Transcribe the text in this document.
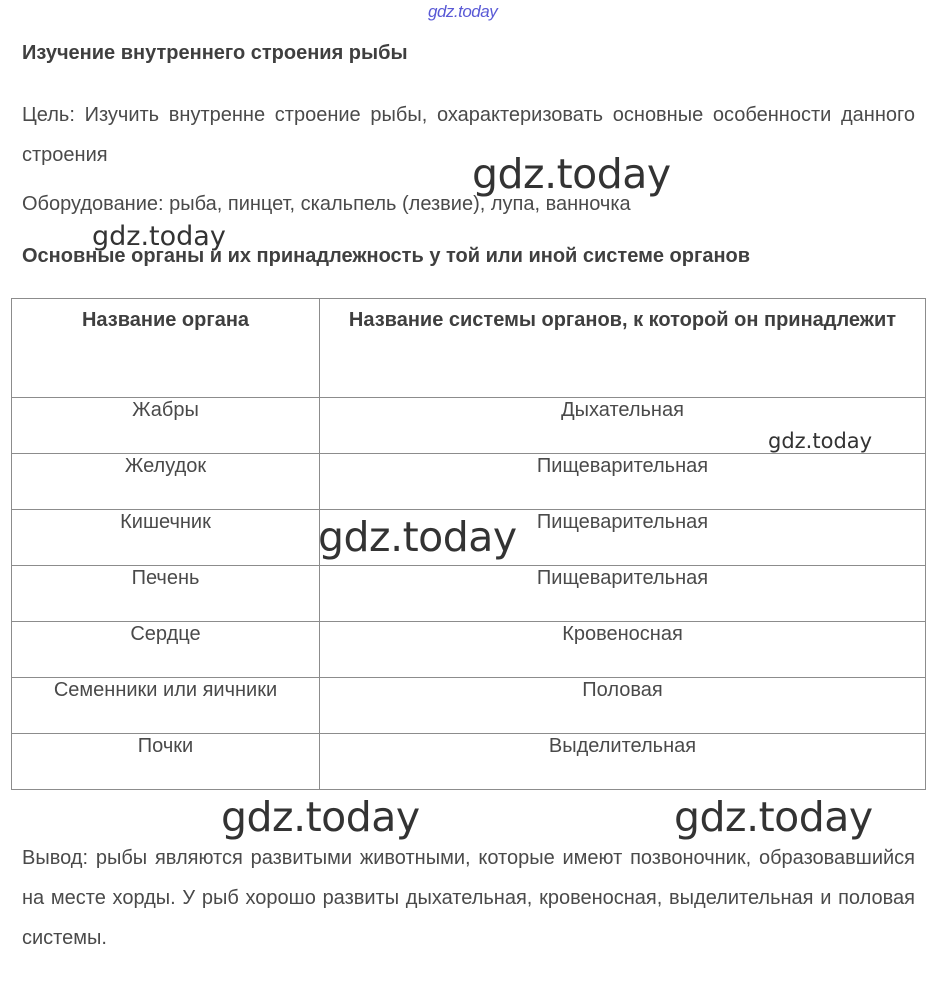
gdz.today
Изучение внутреннего строения рыбы

Цель: Изучить внутренне строение рыбы, охарактеризовать основные особенности данного строения

Оборудование: рыба, пинцет, скальпель (лезвие), лупа, ванночка

Основные органы и их принадлежность у той или иной системе органов
Название органа	Название системы органов, к которой он принадлежит

Жабры	Дыхательная

Желудок	Пищеварительная

Кишечник	Пищеварительная

Печень	Пищеварительная

Сердце	Кровеносная

Семенники или яичники	Половая

Почки	Выделительная

Вывод: рыбы являются развитыми животными, которые имеют позвоночник, образовавшийся на месте хорды. У рыб хорошо развиты дыхательная, кровеносная, выделительная и половая системы.

gdz.today
gdz.today
gdz.today
gdz.today
gdz.today	gdz.today
